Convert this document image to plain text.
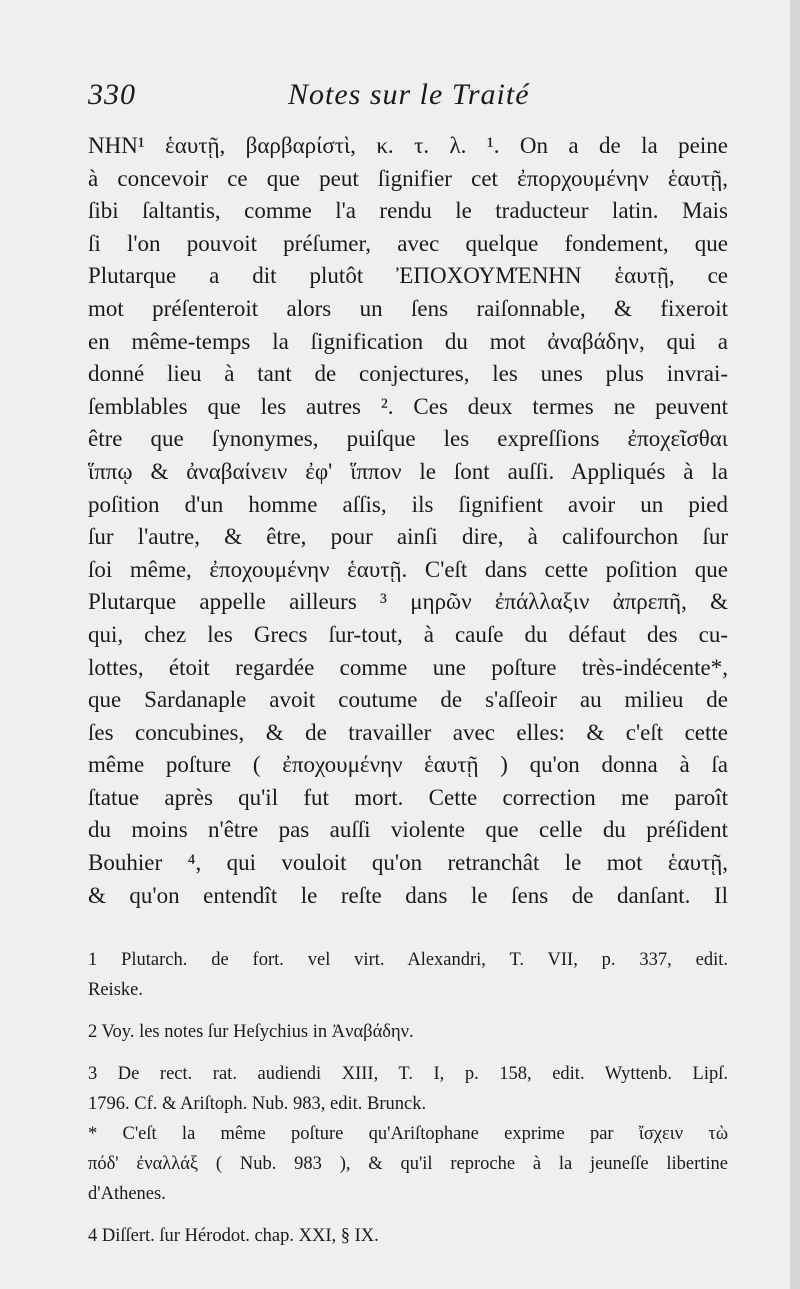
330	Notes sur le Traité
NHN¹ ἑαυτῇ, βαρβαρίστὶ, κ. τ. λ. ¹. On a de la peine
à concevoir ce que peut ſignifier cet ἐπορχουμένην ἑαυτῇ,
ſibi ſaltantis, comme l'a rendu le traducteur latin. Mais
ſi l'on pouvoit préſumer, avec quelque fondement, que
Plutarque a dit plutôt ἘΠΟΧΟΥΜΈΝΗΝ ἑαυτῇ, ce
mot préſenteroit alors un ſens raiſonnable, & fixeroit
en même-temps la ſignification du mot ἀναβάδην, qui a
donné lieu à tant de conjectures, les unes plus invrai-
ſemblables que les autres ². Ces deux termes ne peuvent
être que ſynonymes, puiſque les expreſſions ἐποχεῖσθαι
ἵππῳ & ἀναβαίνειν ἐφ' ἵππον le ſont auſſi. Appliqués à la
poſition d'un homme aſſis, ils ſignifient avoir un pied
ſur l'autre, & être, pour ainſi dire, à califourchon ſur
ſoi même, ἐποχουμένην ἑαυτῇ. C'eſt dans cette poſition que
Plutarque appelle ailleurs ³ μηρῶν ἐπάλλαξιν ἀπρεπῆ, &
qui, chez les Grecs ſur-tout, à cauſe du défaut des cu-
lottes, étoit regardée comme une poſture très-indécente*,
que Sardanaple avoit coutume de s'aſſeoir au milieu de
ſes concubines, & de travailler avec elles: & c'eſt cette
même poſture ( ἐποχουμένην ἑαυτῇ ) qu'on donna à ſa
ſtatue après qu'il fut mort. Cette correction me paroît
du moins n'être pas auſſi violente que celle du préſident
Bouhier ⁴, qui vouloit qu'on retranchât le mot ἑαυτῇ,
& qu'on entendît le reſte dans le ſens de danſant. Il
1 Plutarch. de fort. vel virt. Alexandri, T. VII, p. 337, edit.
Reiske.
2 Voy. les notes ſur Heſychius in Ἀναβάδην.
3 De rect. rat. audiendi XIII, T. I, p. 158, edit. Wyttenb. Lipſ.
1796. Cf. & Ariſtoph. Nub. 983, edit. Brunck.
* C'eſt la même poſture qu'Ariſtophane exprime par ἴσχειν τὼ
πόδ' ἐναλλάξ ( Nub. 983 ), & qu'il reproche à la jeuneſſe libertine
d'Athenes.
4 Diſſert. ſur Hérodot. chap. XXI, § IX.
